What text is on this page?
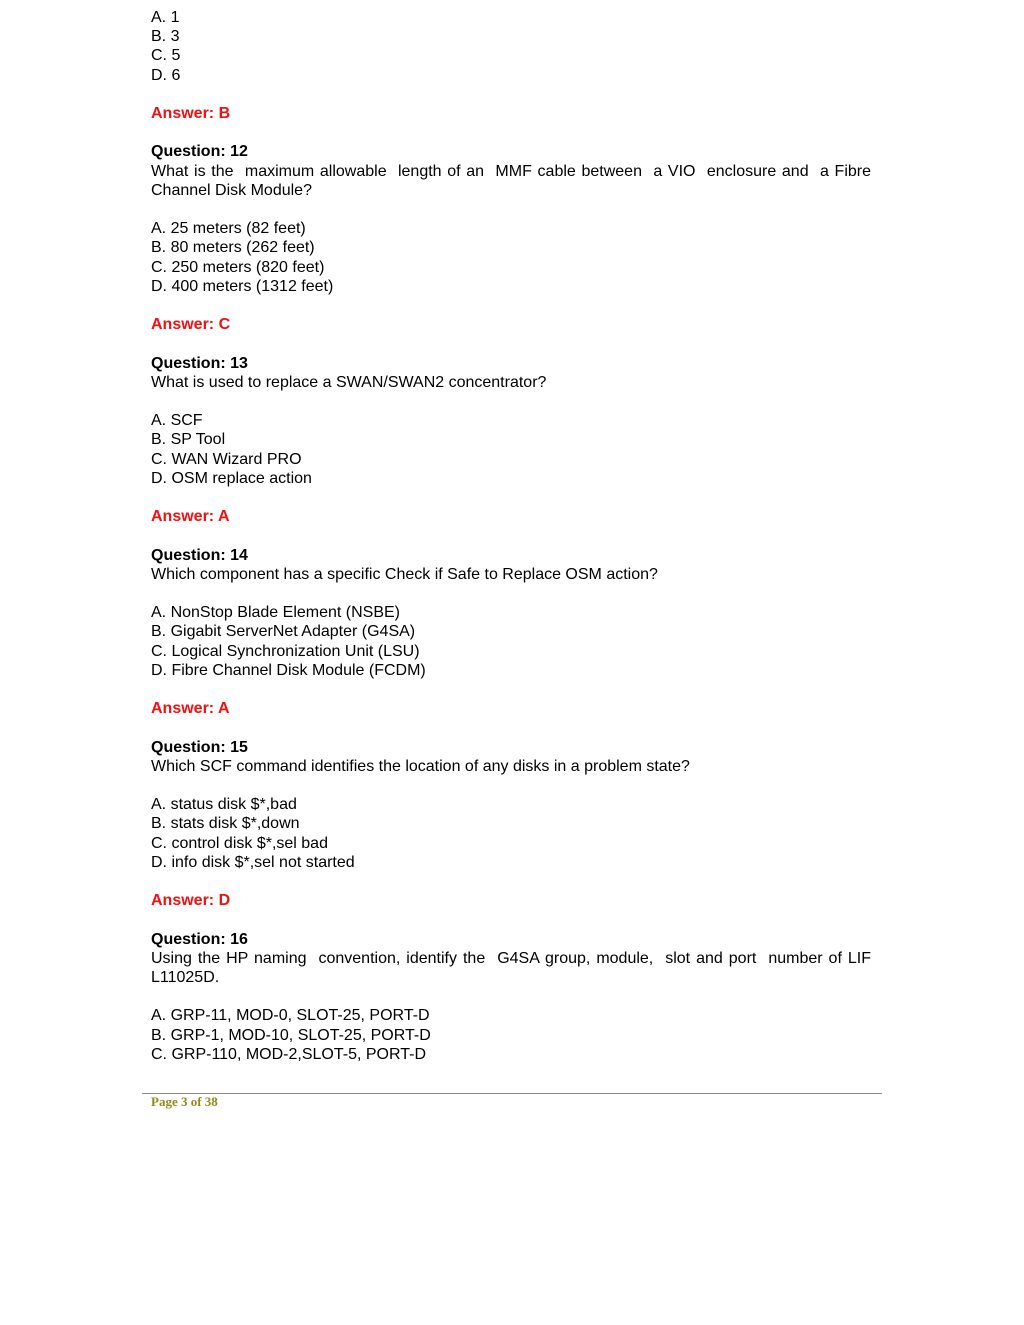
A. 1
B. 3
C. 5
D. 6
Answer: B
Question: 12
What is the  maximum allowable  length of an  MMF cable between  a VIO  enclosure and  a Fibre Channel Disk Module?
A. 25 meters (82 feet)
B. 80 meters (262 feet)
C. 250 meters (820 feet)
D. 400 meters (1312 feet)
Answer: C
Question: 13
What is used to replace a SWAN/SWAN2 concentrator?
A. SCF
B. SP Tool
C. WAN Wizard PRO
D. OSM replace action
Answer: A
Question: 14
Which component has a specific Check if Safe to Replace OSM action?
A. NonStop Blade Element (NSBE)
B. Gigabit ServerNet Adapter (G4SA)
C. Logical Synchronization Unit (LSU)
D. Fibre Channel Disk Module (FCDM)
Answer: A
Question: 15
Which SCF command identifies the location of any disks in a problem state?
A. status disk $*,bad
B. stats disk $*,down
C. control disk $*,sel bad
D. info disk $*,sel not started
Answer: D
Question: 16
Using the HP naming  convention, identify the  G4SA group, module,  slot and port  number of LIF L11025D.
A. GRP-11, MOD-0, SLOT-25, PORT-D
B. GRP-1, MOD-10, SLOT-25, PORT-D
C. GRP-110, MOD-2,SLOT-5, PORT-D
Page 3 of 38
